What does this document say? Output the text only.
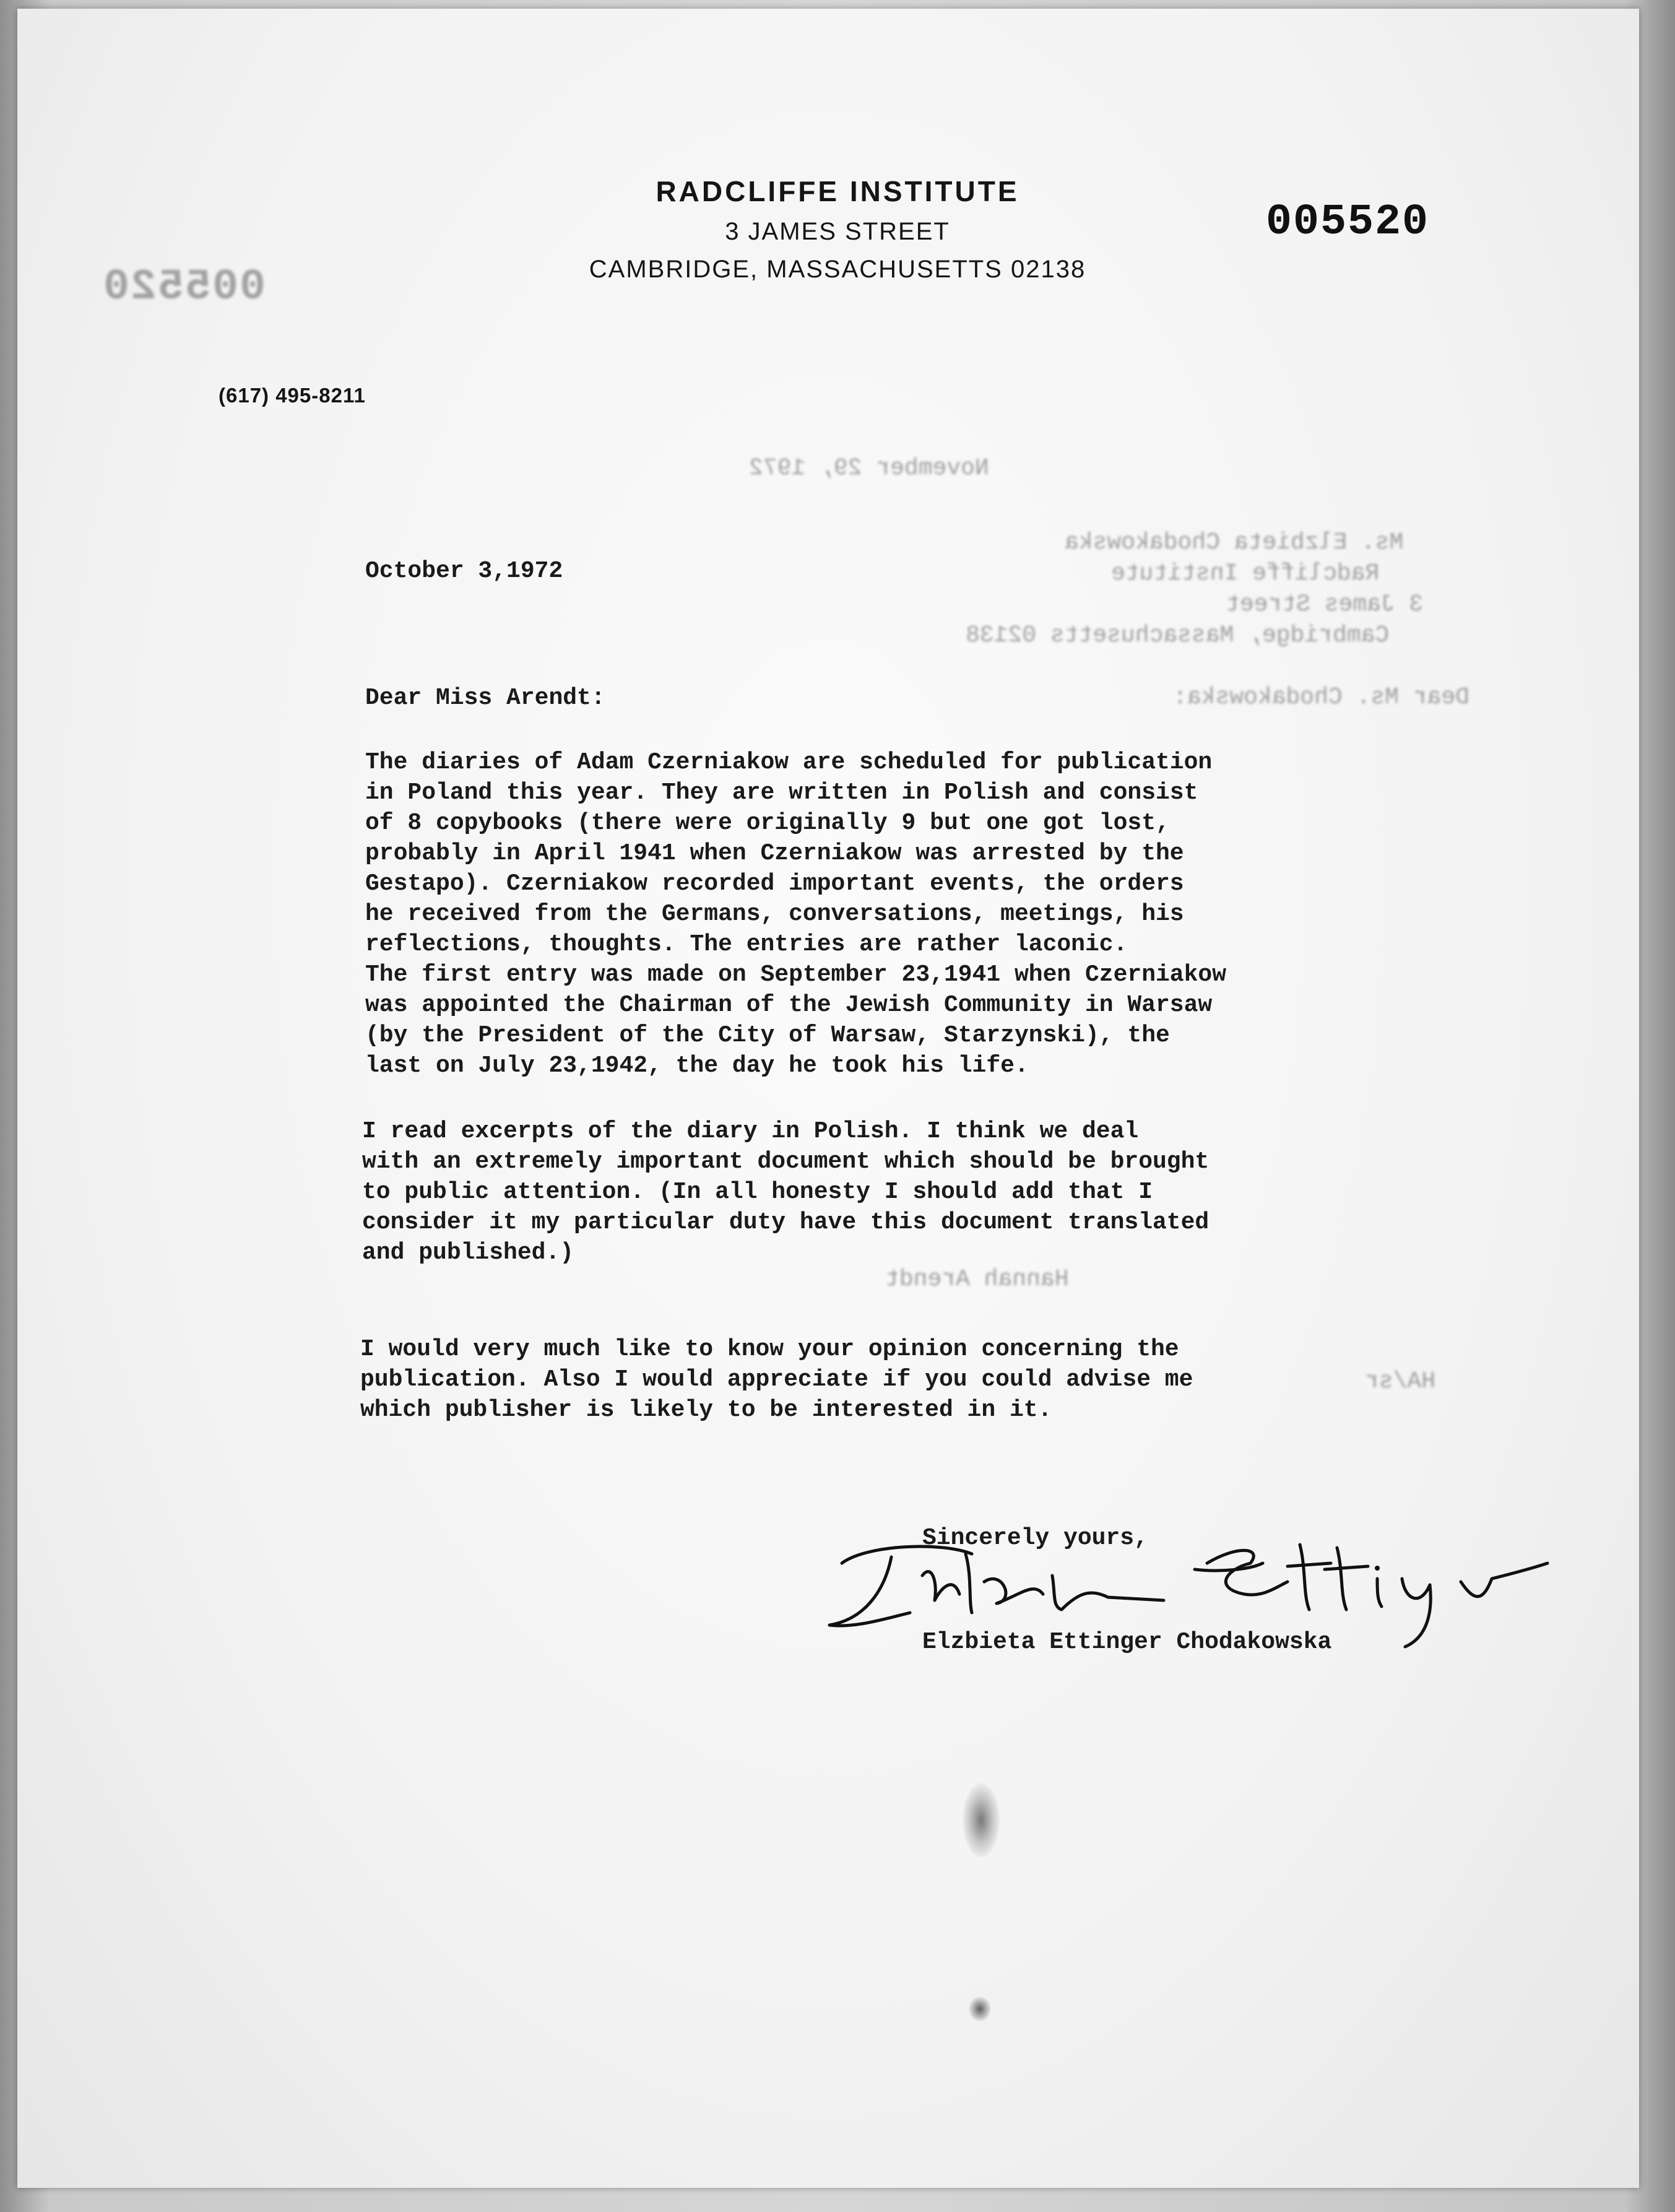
November 29, 1972
Ms. Elzbieta Chodakowska
Radcliffe Institute
3 James Street
Cambridge, Massachusetts 02138
Dear Ms. Chodakowska:
Hannah Arendt
HA/sr
RADCLIFFE INSTITUTE
3 JAMES STREET
CAMBRIDGE, MASSACHUSETTS 02138
(617) 495-8211
005520
005520
October 3,1972
Dear Miss Arendt:
The diaries of Adam Czerniakow are scheduled for publication
in Poland this year. They are written in Polish and consist
of 8 copybooks (there were originally 9 but one got lost,
probably in April 1941 when Czerniakow was arrested by the
Gestapo). Czerniakow recorded important events, the orders
he received from the Germans, conversations, meetings, his
reflections, thoughts. The entries are rather laconic.
The first entry was made on September 23,1941 when Czerniakow
was appointed the Chairman of the Jewish Community in Warsaw
(by the President of the City of Warsaw, Starzynski), the
last on July 23,1942, the day he took his life.
I read excerpts of the diary in Polish. I think we deal
with an extremely important document which should be brought
to public attention. (In all honesty I should add that I
consider it my particular duty have this document translated
and published.)
I would very much like to know your opinion concerning the
publication. Also I would appreciate if you could advise me
which publisher is likely to be interested in it.
Sincerely yours,
Elzbieta Ettinger Chodakowska
